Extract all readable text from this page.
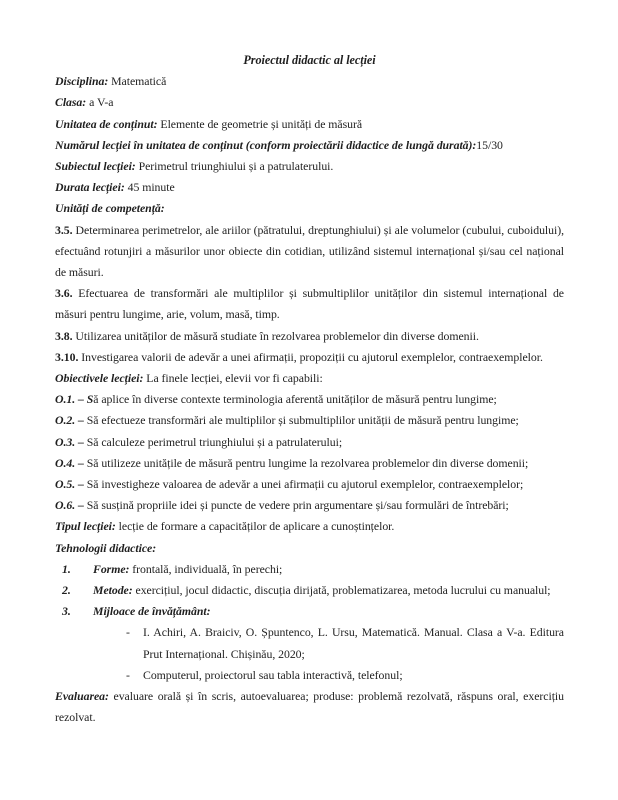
Proiectul didactic al lecției

Disciplina: Matematică

Clasa: a V-a

Unitatea de conținut: Elemente de geometrie și unități de măsură

Numărul lecției în unitatea de conținut (conform proiectării didactice de lungă durată):15/30

Subiectul lecției: Perimetrul triunghiului și a patrulaterului.

Durata lecției: 45 minute

Unități de competență:

3.5. Determinarea perimetrelor, ale ariilor (pătratului, dreptunghiului) și ale volumelor (cubului, cuboidului), efectuând rotunjiri a măsurilor unor obiecte din cotidian, utilizând sistemul internațional și/sau cel național de măsuri.

3.6. Efectuarea de transformări ale multiplilor și submultiplilor unităților din sistemul internațional de măsuri pentru lungime, arie, volum, masă, timp.

3.8. Utilizarea unităților de măsură studiate în rezolvarea problemelor din diverse domenii.

3.10. Investigarea valorii de adevăr a unei afirmații, propoziții cu ajutorul exemplelor, contraexemplelor.

Obiectivele lecției: La finele lecției, elevii vor fi capabili:

O.1. – Să aplice în diverse contexte terminologia aferentă unităților de măsură pentru lungime;

O.2. – Să efectueze transformări ale multiplilor și submultiplilor unității de măsură pentru lungime;

O.3. – Să calculeze perimetrul triunghiului și a patrulaterului;

O.4. – Să utilizeze unitățile de măsură pentru lungime la rezolvarea problemelor din diverse domenii;

O.5. – Să investigheze valoarea de adevăr a unei afirmații cu ajutorul exemplelor, contraexemplelor;

O.6. – Să susțină propriile idei și puncte de vedere prin argumentare și/sau formulări de întrebări;

Tipul lecției: lecție de formare a capacităților de aplicare a cunoștințelor.

Tehnologii didactice:

1. Forme: frontală, individuală, în perechi;

2. Metode: exercițiul, jocul didactic, discuția dirijată, problematizarea, metoda lucrului cu manualul;

3. Mijloace de învățământ:

- I. Achiri, A. Braiciv, O. Șpuntenco, L. Ursu, Matematică. Manual. Clasa a V-a. Editura Prut Internațional. Chișinău, 2020;

- Computerul, proiectorul sau tabla interactivă, telefonul;

Evaluarea: evaluare orală și în scris, autoevaluarea; produse: problemă rezolvată, răspuns oral, exercițiu rezolvat.
